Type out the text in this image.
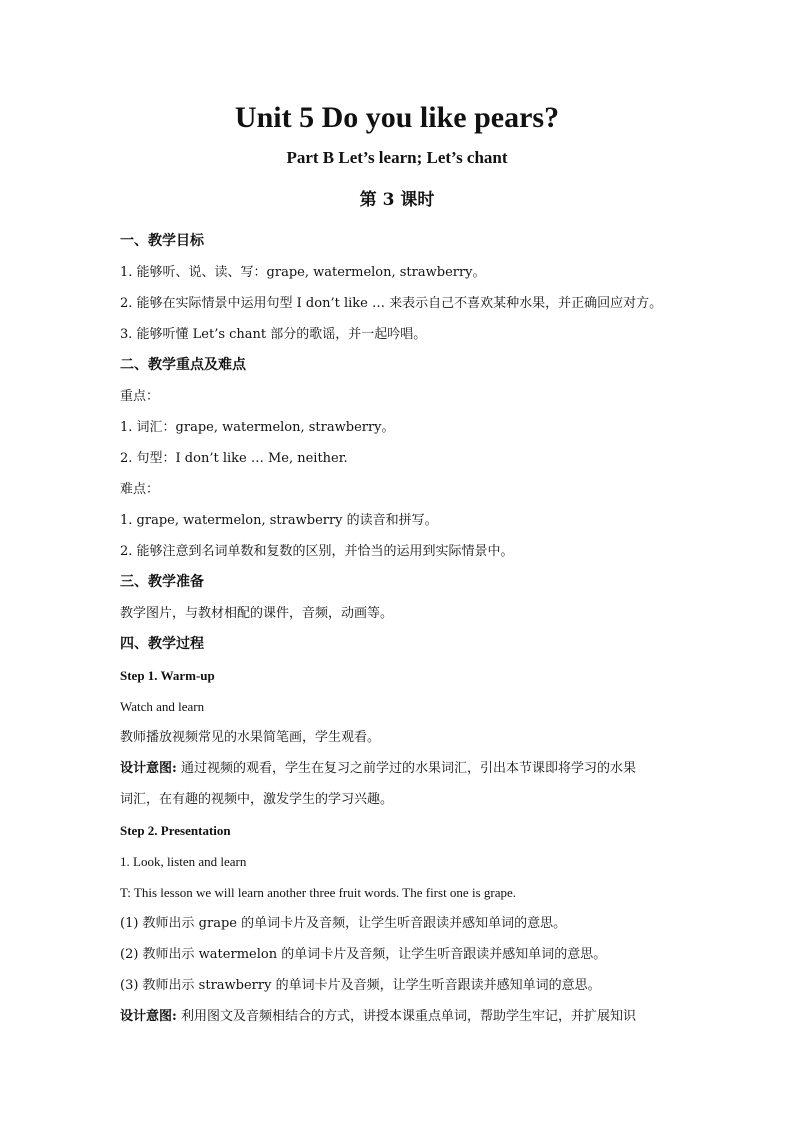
Unit 5 Do you like pears?
Part B Let’s learn; Let’s chant
第 3 课时

一、教学目标

1. 能够听、说、读、写：grape, watermelon, strawberry。

2. 能够在实际情景中运用句型 I don’t like … 来表示自己不喜欢某种水果，并正确回应对方。

3. 能够听懂 Let’s chant 部分的歌谣，并一起吟唱。

二、教学重点及难点

重点：

1. 词汇：grape, watermelon, strawberry。

2. 句型：I don’t like … Me, neither.

难点：

1. grape, watermelon, strawberry 的读音和拼写。

2. 能够注意到名词单数和复数的区别，并恰当的运用到实际情景中。

三、教学准备

教学图片，与教材相配的课件，音频，动画等。

四、教学过程

Step 1. Warm-up

Watch and learn

教师播放视频常见的水果简笔画，学生观看。

设计意图: 通过视频的观看，学生在复习之前学过的水果词汇，引出本节课即将学习的水果

词汇，在有趣的视频中，激发学生的学习兴趣。

Step 2. Presentation

1. Look, listen and learn

T: This lesson we will learn another three fruit words. The first one is grape.

(1) 教师出示 grape 的单词卡片及音频，让学生听音跟读并感知单词的意思。

(2) 教师出示 watermelon 的单词卡片及音频，让学生听音跟读并感知单词的意思。

(3) 教师出示 strawberry 的单词卡片及音频，让学生听音跟读并感知单词的意思。

设计意图: 利用图文及音频相结合的方式，讲授本课重点单词，帮助学生牢记，并扩展知识
